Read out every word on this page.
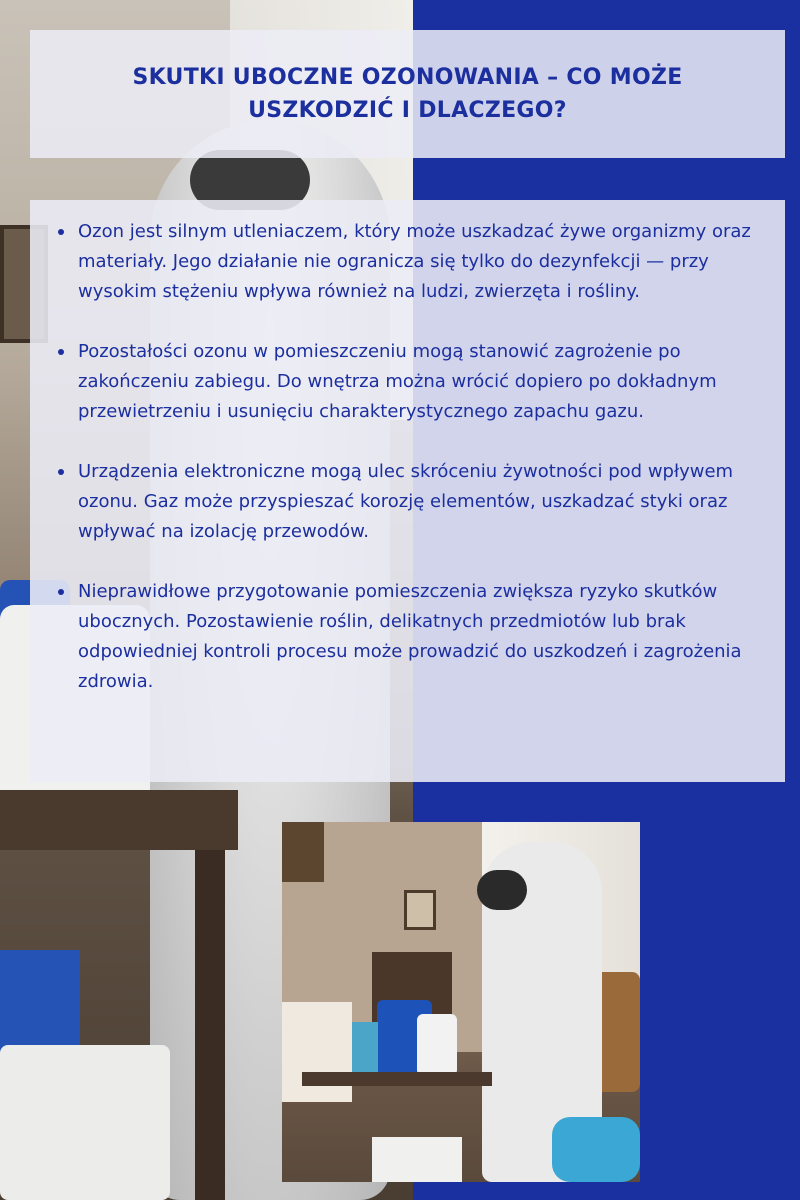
SKUTKI UBOCZNE OZONOWANIA – CO MOŻE USZKODZIĆ I DLACZEGO?
Ozon jest silnym utleniaczem, który może uszkadzać żywe organizmy oraz materiały. Jego działanie nie ogranicza się tylko do dezynfekcji — przy wysokim stężeniu wpływa również na ludzi, zwierzęta i rośliny.
Pozostałości ozonu w pomieszczeniu mogą stanowić zagrożenie po zakończeniu zabiegu. Do wnętrza można wrócić dopiero po dokładnym przewietrzeniu i usunięciu charakterystycznego zapachu gazu.
Urządzenia elektroniczne mogą ulec skróceniu żywotności pod wpływem ozonu. Gaz może przyspieszać korozję elementów, uszkadzać styki oraz wpływać na izolację przewodów.
Nieprawidłowe przygotowanie pomieszczenia zwiększa ryzyko skutków ubocznych. Pozostawienie roślin, delikatnych przedmiotów lub brak odpowiedniej kontroli procesu może prowadzić do uszkodzeń i zagrożenia zdrowia.
